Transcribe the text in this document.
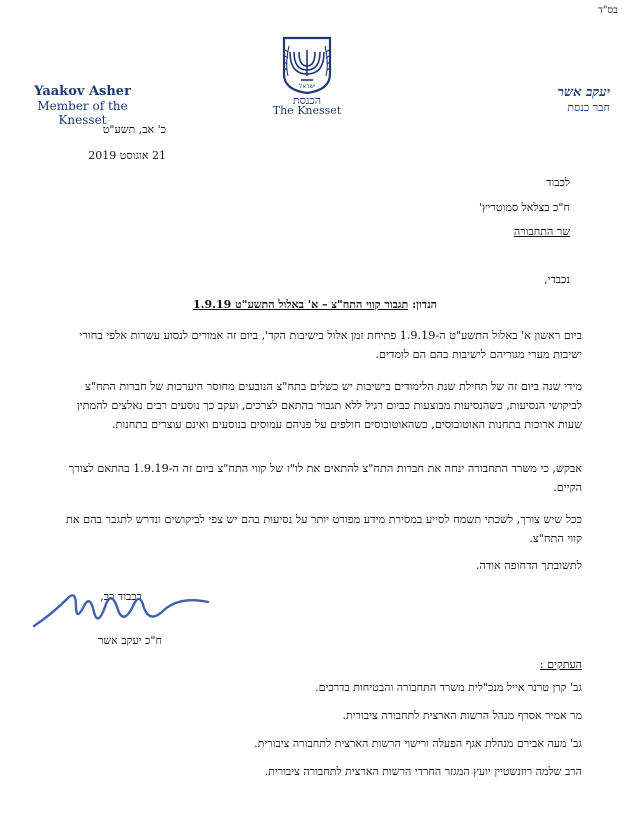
בס"ד
Yaakov Asher
Member of the Knesset
ישראל
הכנסת
The Knesset
יעקב אשר
חבר כנסת
כ' אב, תשע"ט
21 אוגוסט 2019
לכבוד
ח"כ בצלאל סמוטריץ'
שר התחבורה
נכבדי,
הנדון: תגבור קווי התח"צ – א' באלול התשע"ט 1.9.19
ביום ראשון א' באלול התשע"ט ה-1.9.19 פתיחת זמן אלול בישיבות הקד', ביום זה אמורים לנסוע עשרות אלפי בחורי ישיבות מערי מגוריהם לישיבות בהם הם לומדים.
מידי שנה ביום זה של תחילת שנת הלימודים בישיבות יש כשלים בתח"צ הנובעים מחוסר היערכות של חברות התח"צ לביקושי הנסיעות, כשהנסיעות מבוצעות כביום רגיל ללא תגבור בהתאם לצרכים, ועקב כך נוסעים רבים נאלצים להמתין שעות ארוכות בתחנות האוטובוסים, כשהאוטובוסים חולפים על פניהם עמוסים בנוסעים ואינם עוצרים בתחנות.
אבקש, כי משרד התחבורה ינחה את חברות התח"צ להתאים את לו"ז של קווי התח"צ ביום זה ה-1.9.19 בהתאם לצורך הקיים.
ככל שיש צורך, לשכתי תשמח לסייע במסירת מידע מפורט יותר על נסיעות בהם יש צפי לביקושים ונדרש לתגבר בהם את קווי התח"צ.
לתשובתך הדחופה אודה.
בכבוד רב,
ח"כ יעקב אשר
העתקים :
גב' קרן טרנר אייל מנכ"לית משרד התחבורה והבטיחות בדרכים.
מר אמיר אסרף מנהל הרשות הארצית לתחבורה ציבורית.
גב' מעה אבירם מנהלת אגף הפעלה ורישוי הרשות הארצית לתחבורה ציבורית.
הרב שלמה רוזנשטיין יועץ המגזר החרדי הרשות הארצית לתחבורה ציבורית.
